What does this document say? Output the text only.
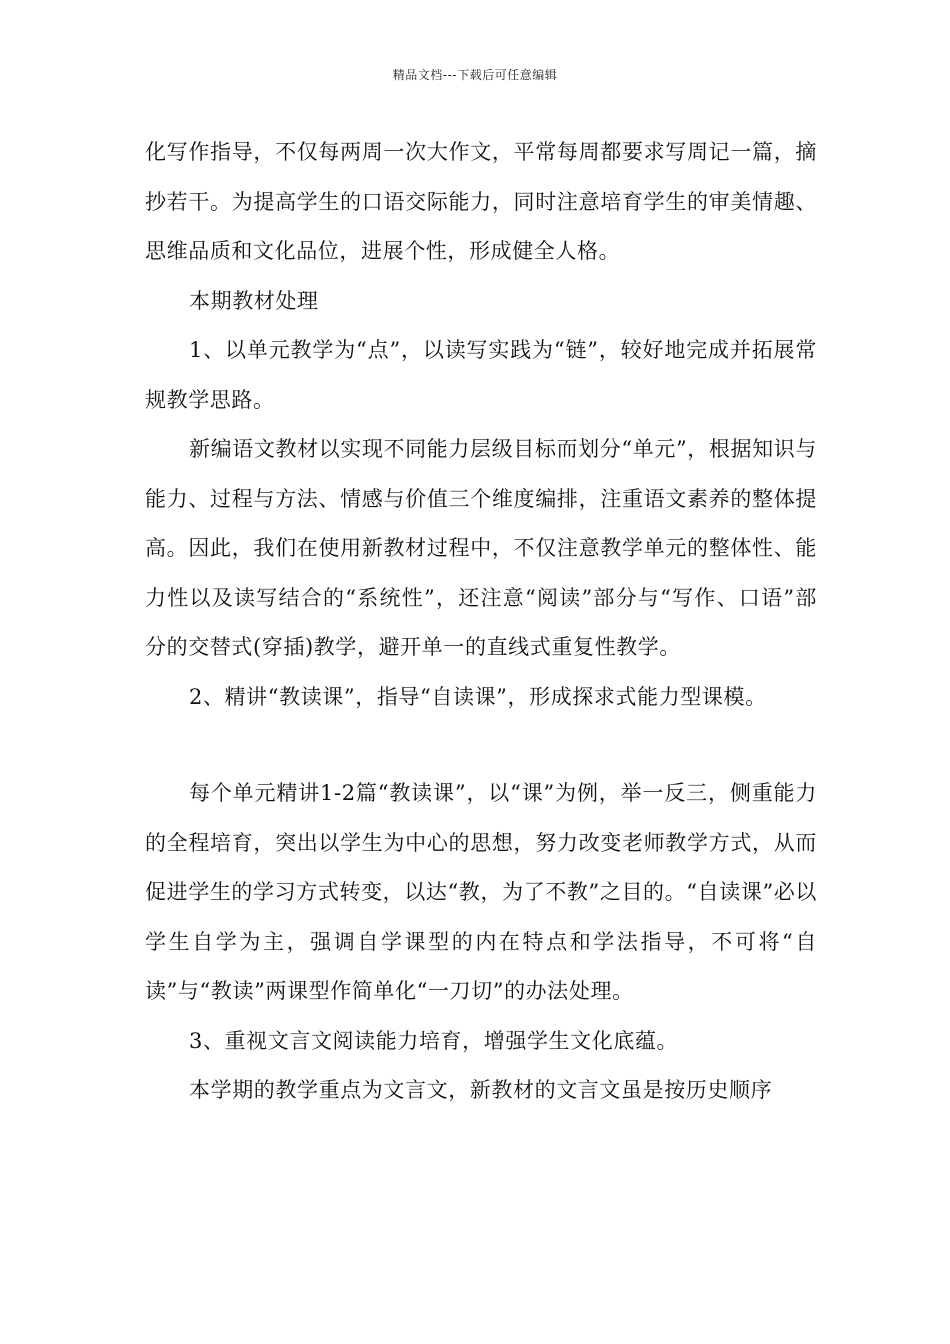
精品文档---下载后可任意编辑

化写作指导，不仅每两周一次大作文，平常每周都要求写周记一篇，摘抄若干。为提高学生的口语交际能力，同时注意培育学生的审美情趣、思维品质和文化品位，进展个性，形成健全人格。

本期教材处理

1、以单元教学为“点”，以读写实践为“链”，较好地完成并拓展常规教学思路。

新编语文教材以实现不同能力层级目标而划分“单元”，根据知识与能力、过程与方法、情感与价值三个维度编排，注重语文素养的整体提高。因此，我们在使用新教材过程中，不仅注意教学单元的整体性、能力性以及读写结合的“系统性”，还注意“阅读”部分与“写作、口语”部分的交替式(穿插)教学，避开单一的直线式重复性教学。

2、精讲“教读课”，指导“自读课”，形成探求式能力型课模。

每个单元精讲1-2篇“教读课”，以“课”为例，举一反三，侧重能力的全程培育，突出以学生为中心的思想，努力改变老师教学方式，从而促进学生的学习方式转变，以达“教，为了不教”之目的。“自读课”必以学生自学为主，强调自学课型的内在特点和学法指导，不可将“自读”与“教读”两课型作简单化“一刀切”的办法处理。

3、重视文言文阅读能力培育，增强学生文化底蕴。

本学期的教学重点为文言文，新教材的文言文虽是按历史顺序
